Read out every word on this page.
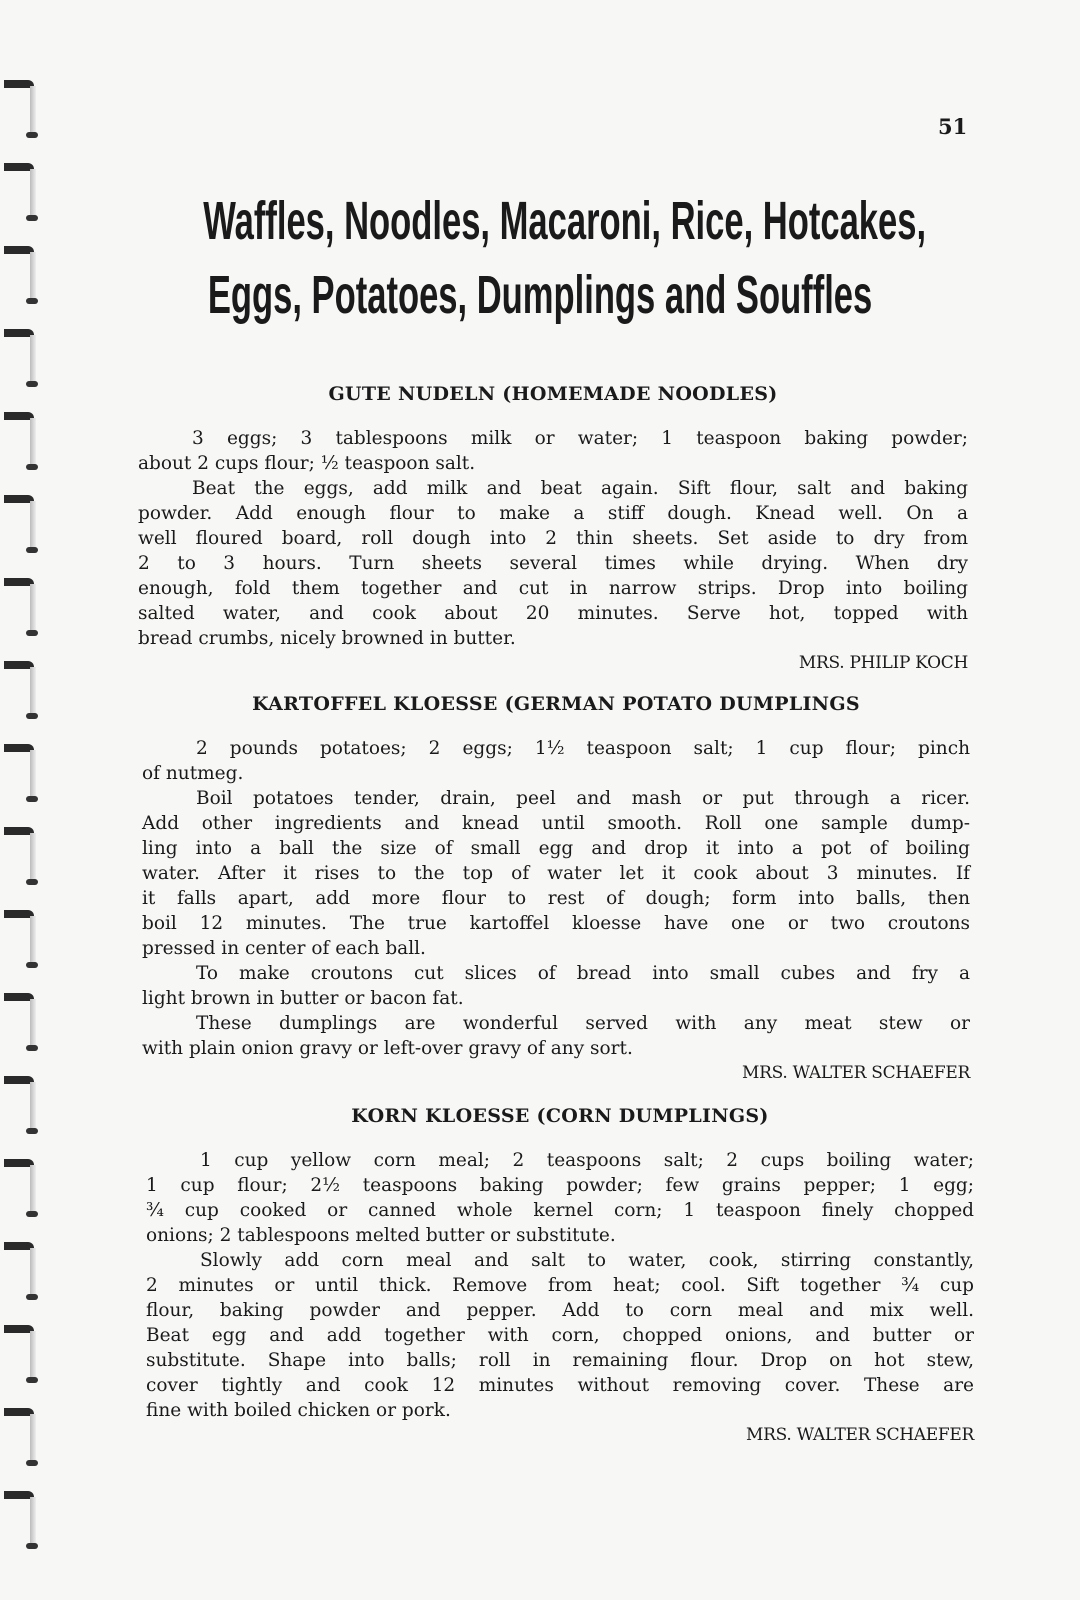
51
Waffles, Noodles, Macaroni, Rice, Hotcakes,
Eggs, Potatoes, Dumplings and Souffles
GUTE NUDELN (HOMEMADE NOODLES)
3 eggs; 3 tablespoons milk or water; 1 teaspoon baking powder;
about 2 cups flour; ½ teaspoon salt.
Beat the eggs, add milk and beat again. Sift flour, salt and baking
powder. Add enough flour to make a stiff dough. Knead well. On a
well floured board, roll dough into 2 thin sheets. Set aside to dry from
2 to 3 hours. Turn sheets several times while drying. When dry
enough, fold them together and cut in narrow strips. Drop into boiling
salted water, and cook about 20 minutes. Serve hot, topped with
bread crumbs, nicely browned in butter.
MRS. PHILIP KOCH
KARTOFFEL KLOESSE (GERMAN POTATO DUMPLINGS
2 pounds potatoes; 2 eggs; 1½ teaspoon salt; 1 cup flour; pinch
of nutmeg.
Boil potatoes tender, drain, peel and mash or put through a ricer.
Add other ingredients and knead until smooth. Roll one sample dump-
ling into a ball the size of small egg and drop it into a pot of boiling
water. After it rises to the top of water let it cook about 3 minutes. If
it falls apart, add more flour to rest of dough; form into balls, then
boil 12 minutes. The true kartoffel kloesse have one or two croutons
pressed in center of each ball.
To make croutons cut slices of bread into small cubes and fry a
light brown in butter or bacon fat.
These dumplings are wonderful served with any meat stew or
with plain onion gravy or left-over gravy of any sort.
MRS. WALTER SCHAEFER
KORN KLOESSE (CORN DUMPLINGS)
1 cup yellow corn meal; 2 teaspoons salt; 2 cups boiling water;
1 cup flour; 2½ teaspoons baking powder; few grains pepper; 1 egg;
¾ cup cooked or canned whole kernel corn; 1 teaspoon finely chopped
onions; 2 tablespoons melted butter or substitute.
Slowly add corn meal and salt to water, cook, stirring constantly,
2 minutes or until thick. Remove from heat; cool. Sift together ¾ cup
flour, baking powder and pepper. Add to corn meal and mix well.
Beat egg and add together with corn, chopped onions, and butter or
substitute. Shape into balls; roll in remaining flour. Drop on hot stew,
cover tightly and cook 12 minutes without removing cover. These are
fine with boiled chicken or pork.
MRS. WALTER SCHAEFER
